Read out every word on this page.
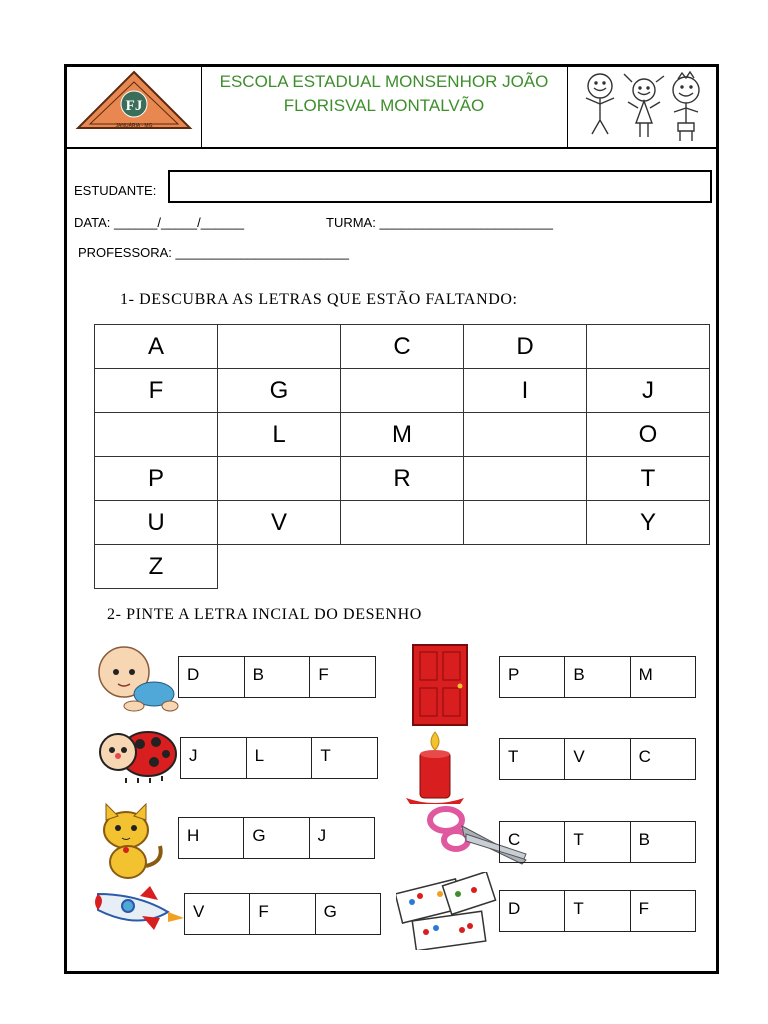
FJ
JANUÁRIA - MG
ESCOLA ESTADUAL MONSENHOR JOÃO
FLORISVAL MONTALVÃO
ESTUDANTE:
DATA: ______/_____/______	TURMA: ________________________
PROFESSORA: ________________________
1- DESCUBRA AS LETRAS QUE ESTÃO FALTANDO:
A		C	D	
F	G		I	J
	L	M		O
P		R		T
U	V			Y
Z				
2- PINTE A LETRA INCIAL DO DESENHO
D	B	F	P	B	M
J	L	T	T	V	C
H	G	J	C	T	B
V	F	G	D	T	F
